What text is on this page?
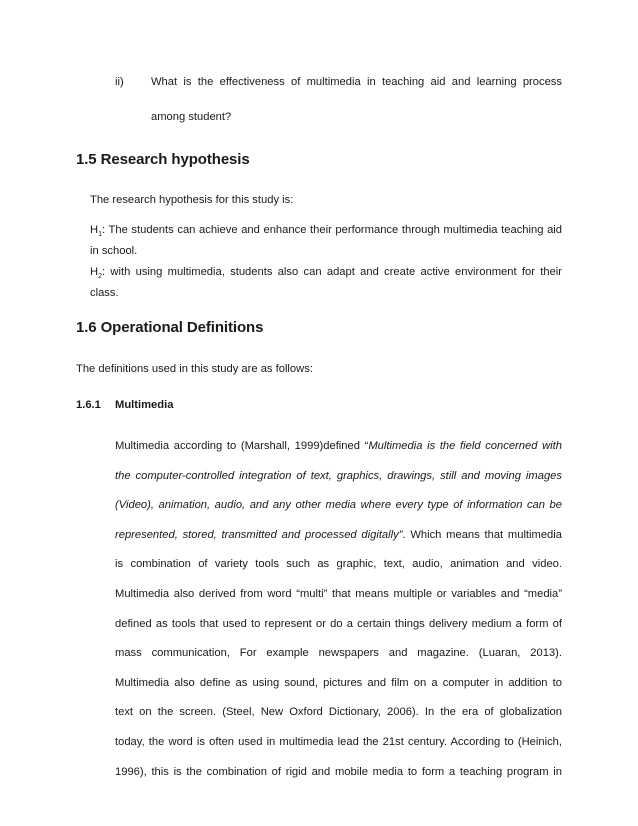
ii) What is the effectiveness of multimedia in teaching aid and learning process
among student?
1.5 Research hypothesis
The research hypothesis for this study is:
$H_1$: The students can achieve and enhance their performance through multimedia teaching aid in school.
$H_2$: with using multimedia, students also can adapt and create active environment for their class.
1.6 Operational Definitions
The definitions used in this study are as follows:
1.6.1 Multimedia
Multimedia according to (Marshall, 1999)defined “Multimedia is the field concerned with
the computer-controlled integration of text, graphics, drawings, still and moving images
(Video), animation, audio, and any other media where every type of information can be
represented, stored, transmitted and processed digitally”. Which means that multimedia
is combination of variety tools such as graphic, text, audio, animation and video.
Multimedia also derived from word “multi” that means multiple or variables and “media”
defined as tools that used to represent or do a certain things delivery medium a form of
mass communication, For example newspapers and magazine. (Luaran, 2013).
Multimedia also define as using sound, pictures and film on a computer in addition to
text on the screen. (Steel, New Oxford Dictionary, 2006). In the era of globalization
today, the word is often used in multimedia lead the 21st century. According to (Heinich,
1996), this is the combination of rigid and mobile media to form a teaching program in
